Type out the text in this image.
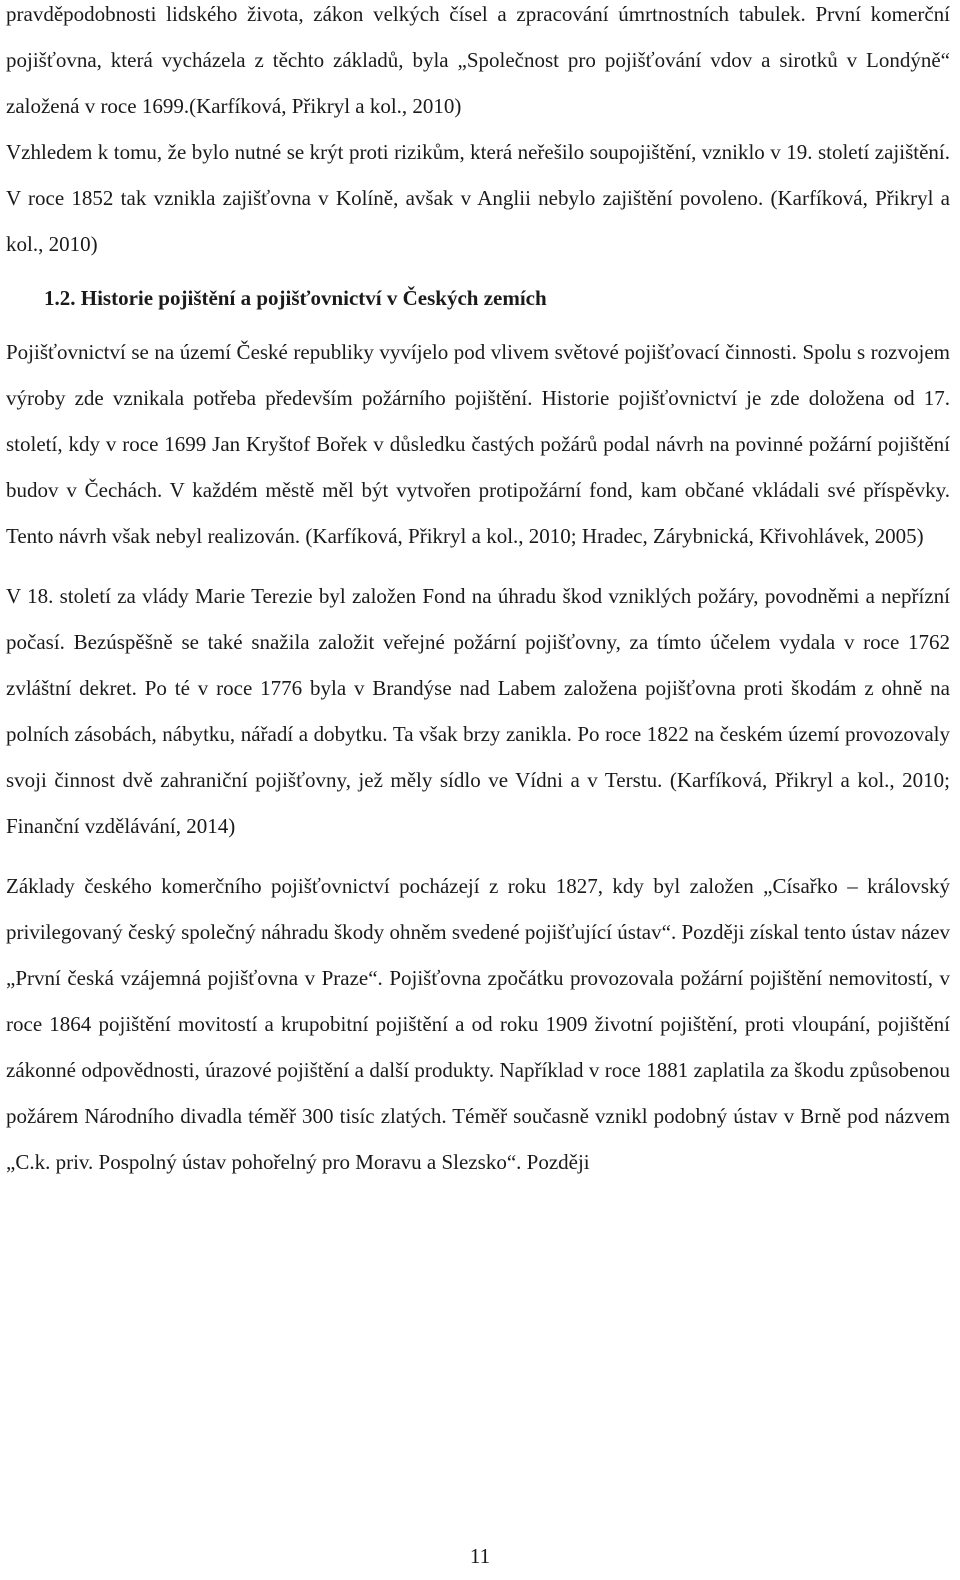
pravděpodobnosti lidského života, zákon velkých čísel a zpracování úmrtnostních tabulek. První komerční pojišťovna, která vycházela z těchto základů, byla „Společnost pro pojišťování vdov a sirotků v Londýně“ založená v roce 1699.(Karfíková, Přikryl a kol., 2010)

Vzhledem k tomu, že bylo nutné se krýt proti rizikům, která neřešilo soupojištění, vzniklo v 19. století zajištění. V roce 1852 tak vznikla zajišťovna v Kolíně, avšak v Anglii nebylo zajištění povoleno. (Karfíková, Přikryl a kol., 2010)

1.2. Historie pojištění a pojišťovnictví v Českých zemích

Pojišťovnictví se na území České republiky vyvíjelo pod vlivem světové pojišťovací činnosti. Spolu s rozvojem výroby zde vznikala potřeba především požárního pojištění. Historie pojišťovnictví je zde doložena od 17. století, kdy v roce 1699 Jan Kryštof Bořek v důsledku častých požárů podal návrh na povinné požární pojištění budov v Čechách. V každém městě měl být vytvořen protipožární fond, kam občané vkládali své příspěvky. Tento návrh však nebyl realizován. (Karfíková, Přikryl a kol., 2010; Hradec, Zárybnická, Křivohlávek, 2005)

V 18. století za vlády Marie Terezie byl založen Fond na úhradu škod vzniklých požáry, povodněmi a nepřízní počasí. Bezúspěšně se také snažila založit veřejné požární pojišťovny, za tímto účelem vydala v roce 1762 zvláštní dekret. Po té v roce 1776 byla v Brandýse nad Labem založena pojišťovna proti škodám z ohně na polních zásobách, nábytku, nářadí a dobytku. Ta však brzy zanikla. Po roce 1822 na českém území provozovaly svoji činnost dvě zahraniční pojišťovny, jež měly sídlo ve Vídni a v Terstu. (Karfíková, Přikryl a kol., 2010; Finanční vzdělávání, 2014)

Základy českého komerčního pojišťovnictví pocházejí z roku 1827, kdy byl založen „Císařko – královský privilegovaný český společný náhradu škody ohněm svedené pojišťující ústav“. Později získal tento ústav název „První česká vzájemná pojišťovna v Praze“. Pojišťovna zpočátku provozovala požární pojištění nemovitostí, v roce 1864 pojištění movitostí a krupobitní pojištění a od roku 1909 životní pojištění, proti vloupání, pojištění zákonné odpovědnosti, úrazové pojištění a další produkty. Například v roce 1881 zaplatila za škodu způsobenou požárem Národního divadla téměř 300 tisíc zlatých. Téměř současně vznikl podobný ústav v Brně pod názvem „C.k. priv. Pospolný ústav pohořelný pro Moravu a Slezsko“. Později

11
